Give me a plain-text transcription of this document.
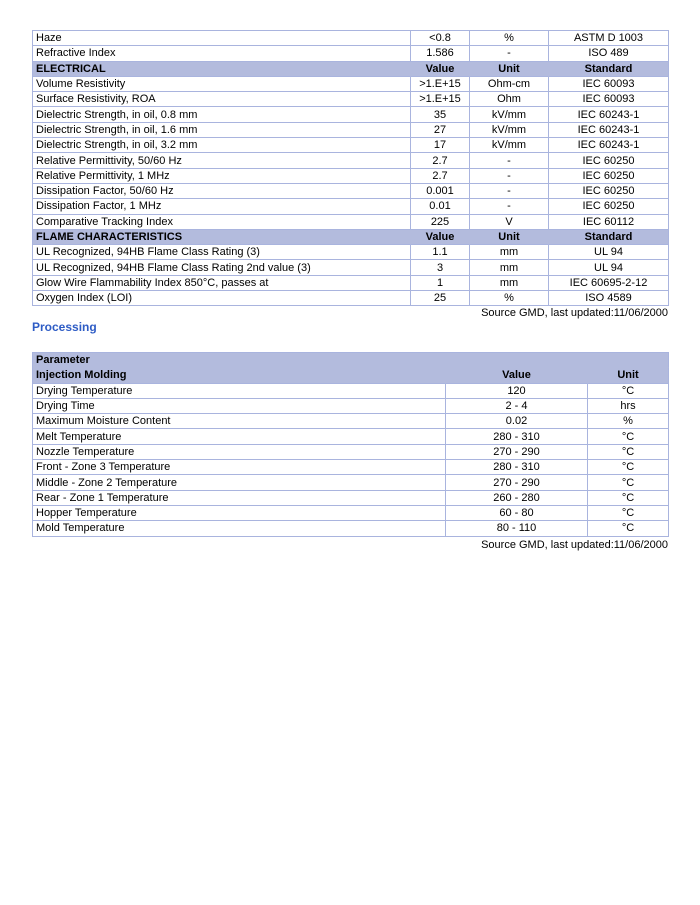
Haze	<0.8	%	ASTM D 1003
Refractive Index	1.586	-	ISO 489
ELECTRICAL	Value	Unit	Standard
Volume Resistivity	>1.E+15	Ohm-cm	IEC 60093
Surface Resistivity, ROA	>1.E+15	Ohm	IEC 60093
Dielectric Strength, in oil, 0.8 mm	35	kV/mm	IEC 60243-1
Dielectric Strength, in oil, 1.6 mm	27	kV/mm	IEC 60243-1
Dielectric Strength, in oil, 3.2 mm	17	kV/mm	IEC 60243-1
Relative Permittivity, 50/60 Hz	2.7	-	IEC 60250
Relative Permittivity, 1 MHz	2.7	-	IEC 60250
Dissipation Factor, 50/60 Hz	0.001	-	IEC 60250
Dissipation Factor, 1 MHz	0.01	-	IEC 60250
Comparative Tracking Index	225	V	IEC 60112
FLAME CHARACTERISTICS	Value	Unit	Standard
UL Recognized, 94HB Flame Class Rating (3)	1.1	mm	UL 94
UL Recognized, 94HB Flame Class Rating 2nd value (3)	3	mm	UL 94
Glow Wire Flammability Index 850°C, passes at	1	mm	IEC 60695-2-12
Oxygen Index (LOI)	25	%	ISO 4589
Source GMD, last updated:11/06/2000
Processing
Parameter		
Injection Molding	Value	Unit
Drying Temperature	120	°C
Drying Time	2 - 4	hrs
Maximum Moisture Content	0.02	%
Melt Temperature	280 - 310	°C
Nozzle Temperature	270 - 290	°C
Front - Zone 3 Temperature	280 - 310	°C
Middle - Zone 2 Temperature	270 - 290	°C
Rear - Zone 1 Temperature	260 - 280	°C
Hopper Temperature	60 - 80	°C
Mold Temperature	80 - 110	°C
Source GMD, last updated:11/06/2000
